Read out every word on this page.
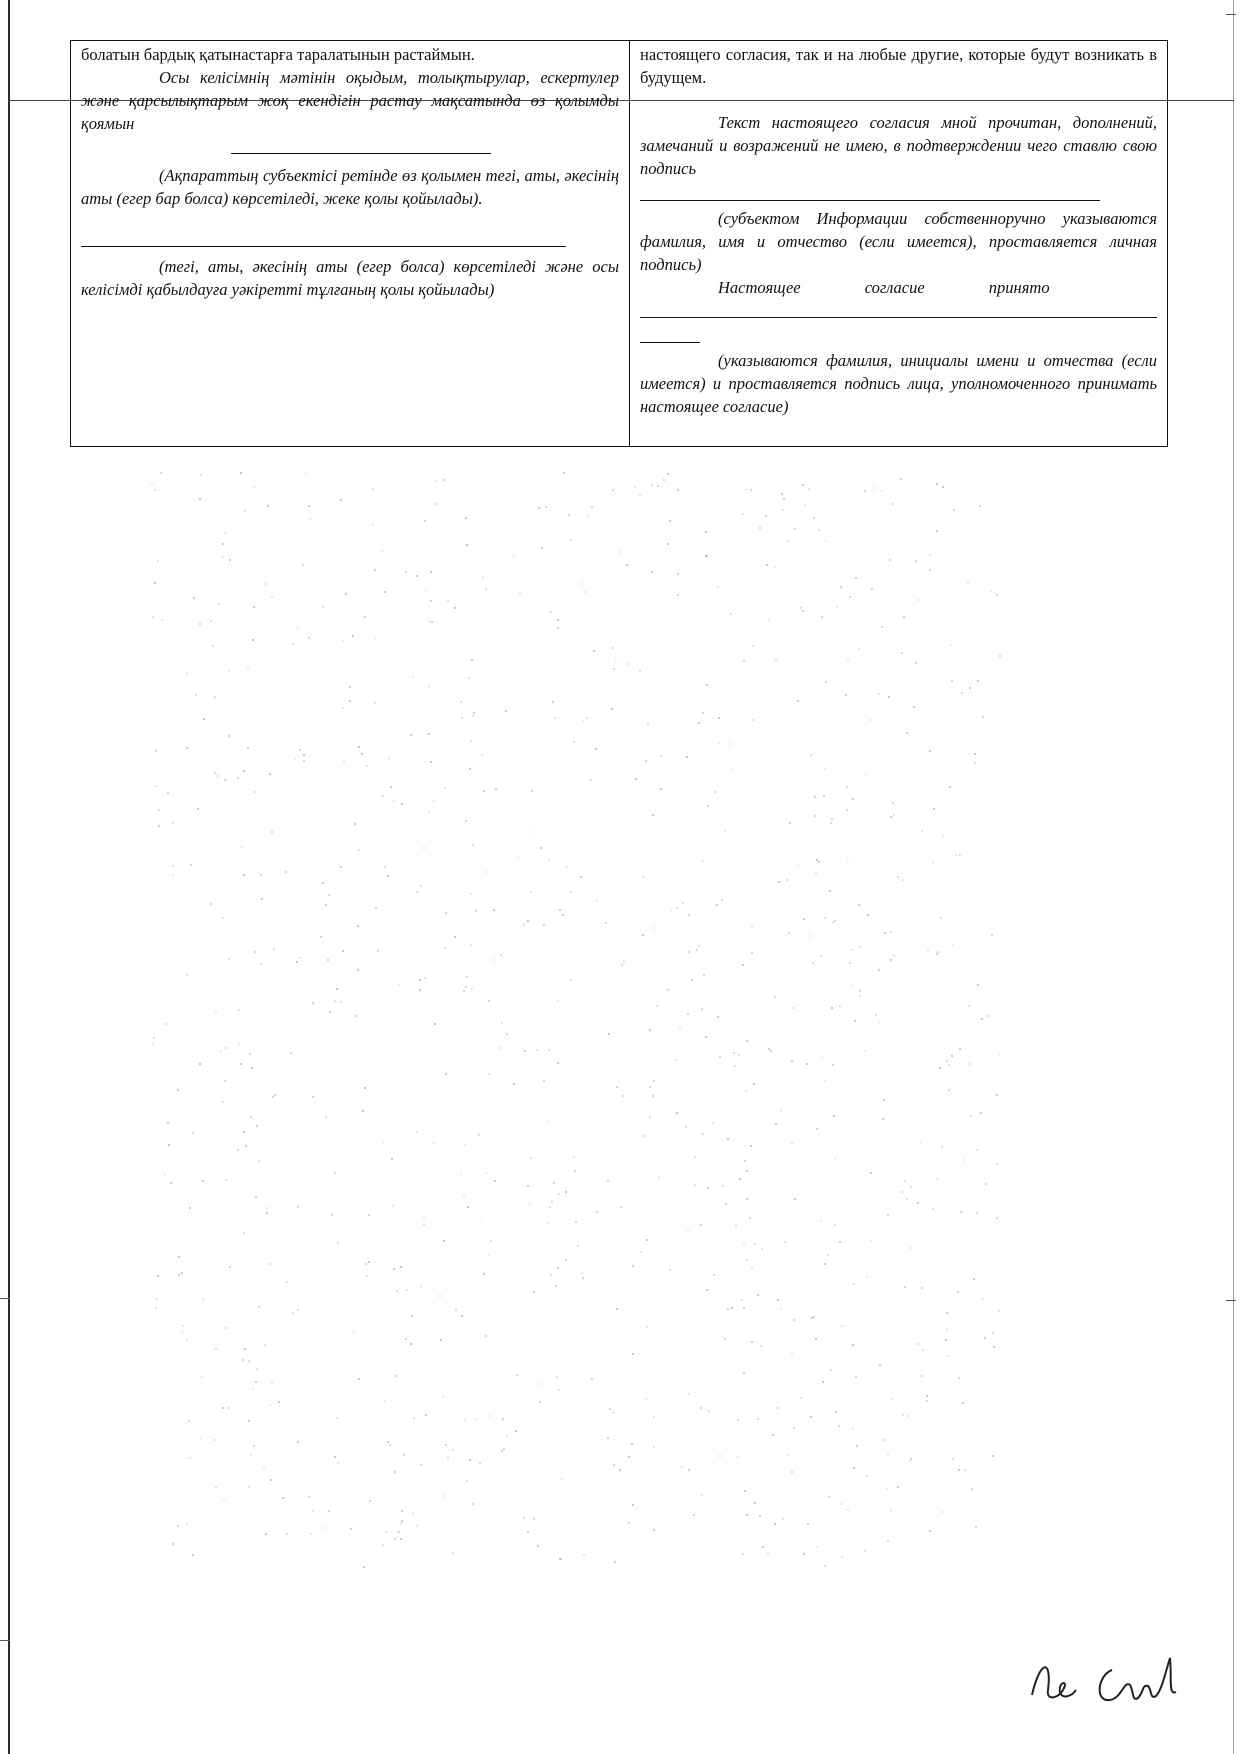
болатын бардық қатынастарға таралатынын растаймын.

Осы келісімнің мәтінін оқыдым, толықтырулар, ескертулер және қарсылықтарым жоқ екендігін растау мақсатында өз қолымды қоямын

(Ақпараттың субъектісі ретінде өз қолымен тегі, аты, әкесінің аты (егер бар болса) көрсетіледі, жеке қолы қойылады).

(тегі, аты, әкесінің аты (егер болса) көрсетіледі және осы келісімді қабылдауға уәкіретті тұлғаның қолы қойылады)

настоящего согласия, так и на любые другие, которые будут возникать в будущем.

Текст настоящего согласия мной прочитан, дополнений, замечаний и возражений не имею, в подтверждении чего ставлю свою подпись

(субъектом Информации собственноручно указываются фамилия, имя и отчество (если имеется), проставляется личная подпись)

Настоящее согласие принято

(указываются фамилия, инициалы имени и отчества (если имеется) и проставляется подпись лица, уполномоченного принимать настоящее согласие)
